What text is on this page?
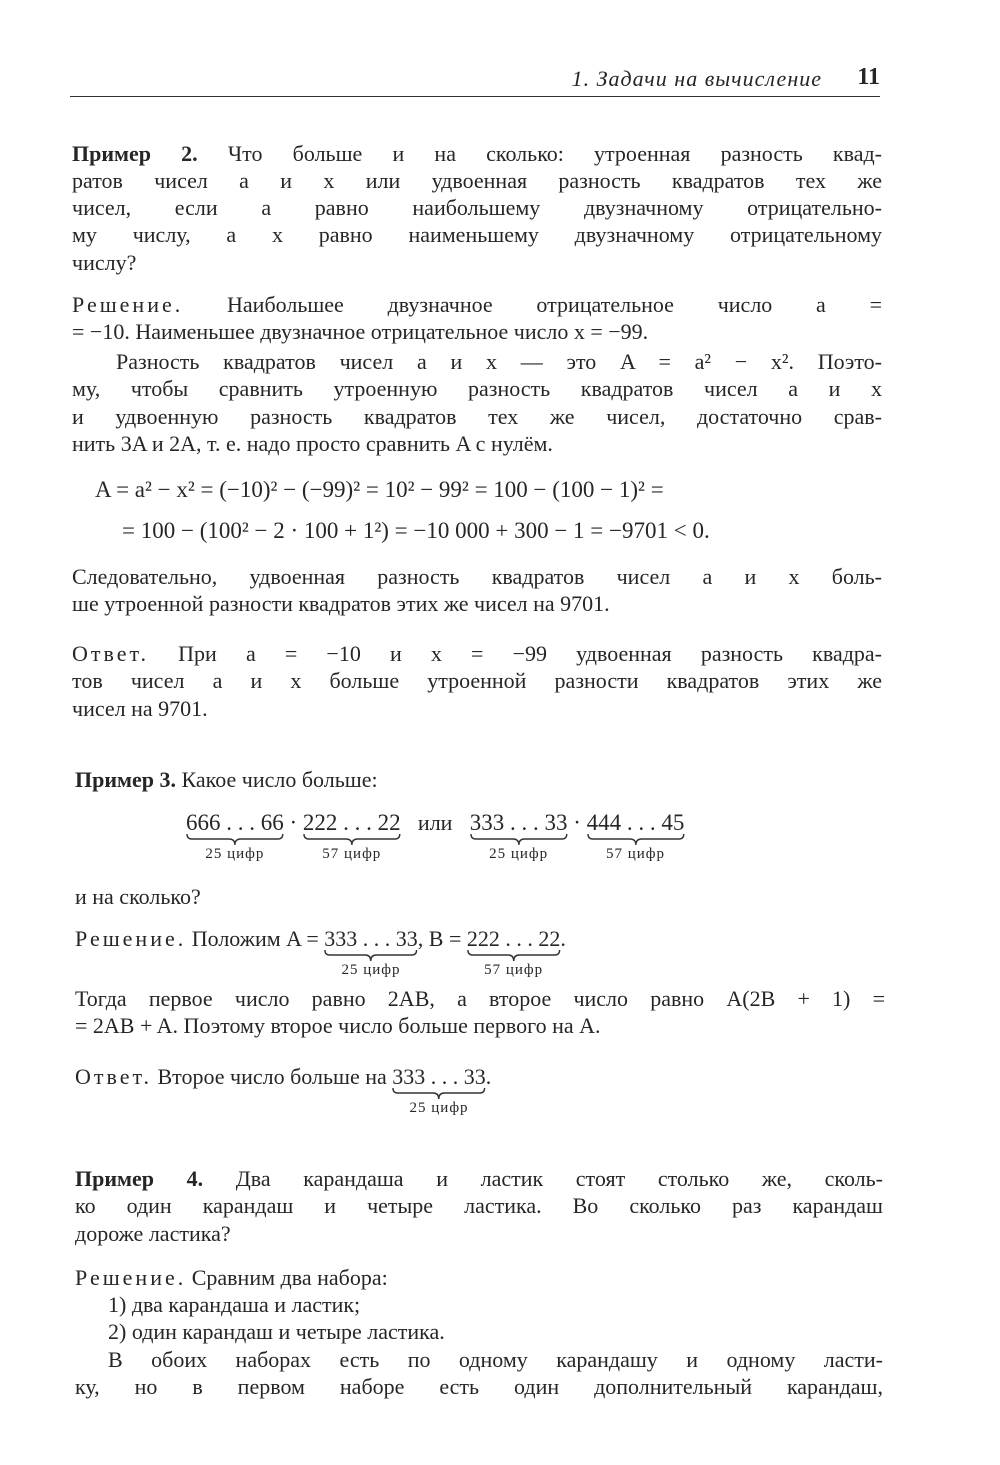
1. Задачи на вычисление 11
Пример 2. Что больше и на сколько: утроенная разность квад-
ратов чисел a и x или удвоенная разность квадратов тех же
чисел, если a равно наибольшему двузначному отрицательно-
му числу, а x равно наименьшему двузначному отрицательному
числу?
Решение. Наибольшее двузначное отрицательное число a =
= −10. Наименьшее двузначное отрицательное число x = −99.
Разность квадратов чисел a и x — это A = a² − x². Поэто-
му, чтобы сравнить утроенную разность квадратов чисел a и x
и удвоенную разность квадратов тех же чисел, достаточно срав-
нить 3A и 2A, т. е. надо просто сравнить A с нулём.
A = a² − x² = (−10)² − (−99)² = 10² − 99² = 100 − (100 − 1)² =
= 100 − (100² − 2 · 100 + 1²) = −10 000 + 300 − 1 = −9701 < 0.
Следовательно, удвоенная разность квадратов чисел a и x боль-
ше утроенной разности квадратов этих же чисел на 9701.
Ответ. При a = −10 и x = −99 удвоенная разность квадра-
тов чисел a и x больше утроенной разности квадратов этих же
чисел на 9701.
Пример 3. Какое число больше:
666 . . . 66
25 цифр
· 222 . . . 22
57 цифр
или 333 . . . 33
25 цифр
· 444 . . . 45
57 цифр
и на сколько?
Решение. Положим A = 333 . . . 33
25 цифр
, B = 222 . . . 22
57 цифр
.
Тогда первое число равно 2AB, а второе число равно A(2B + 1) =
= 2AB + A. Поэтому второе число больше первого на A.
Ответ. Второе число больше на 333 . . . 33
25 цифр
.
Пример 4. Два карандаша и ластик стоят столько же, сколь-
ко один карандаш и четыре ластика. Во сколько раз карандаш
дороже ластика?
Решение. Сравним два набора:
1) два карандаша и ластик;
2) один карандаш и четыре ластика.
В обоих наборах есть по одному карандашу и одному ласти-
ку, но в первом наборе есть один дополнительный карандаш,
